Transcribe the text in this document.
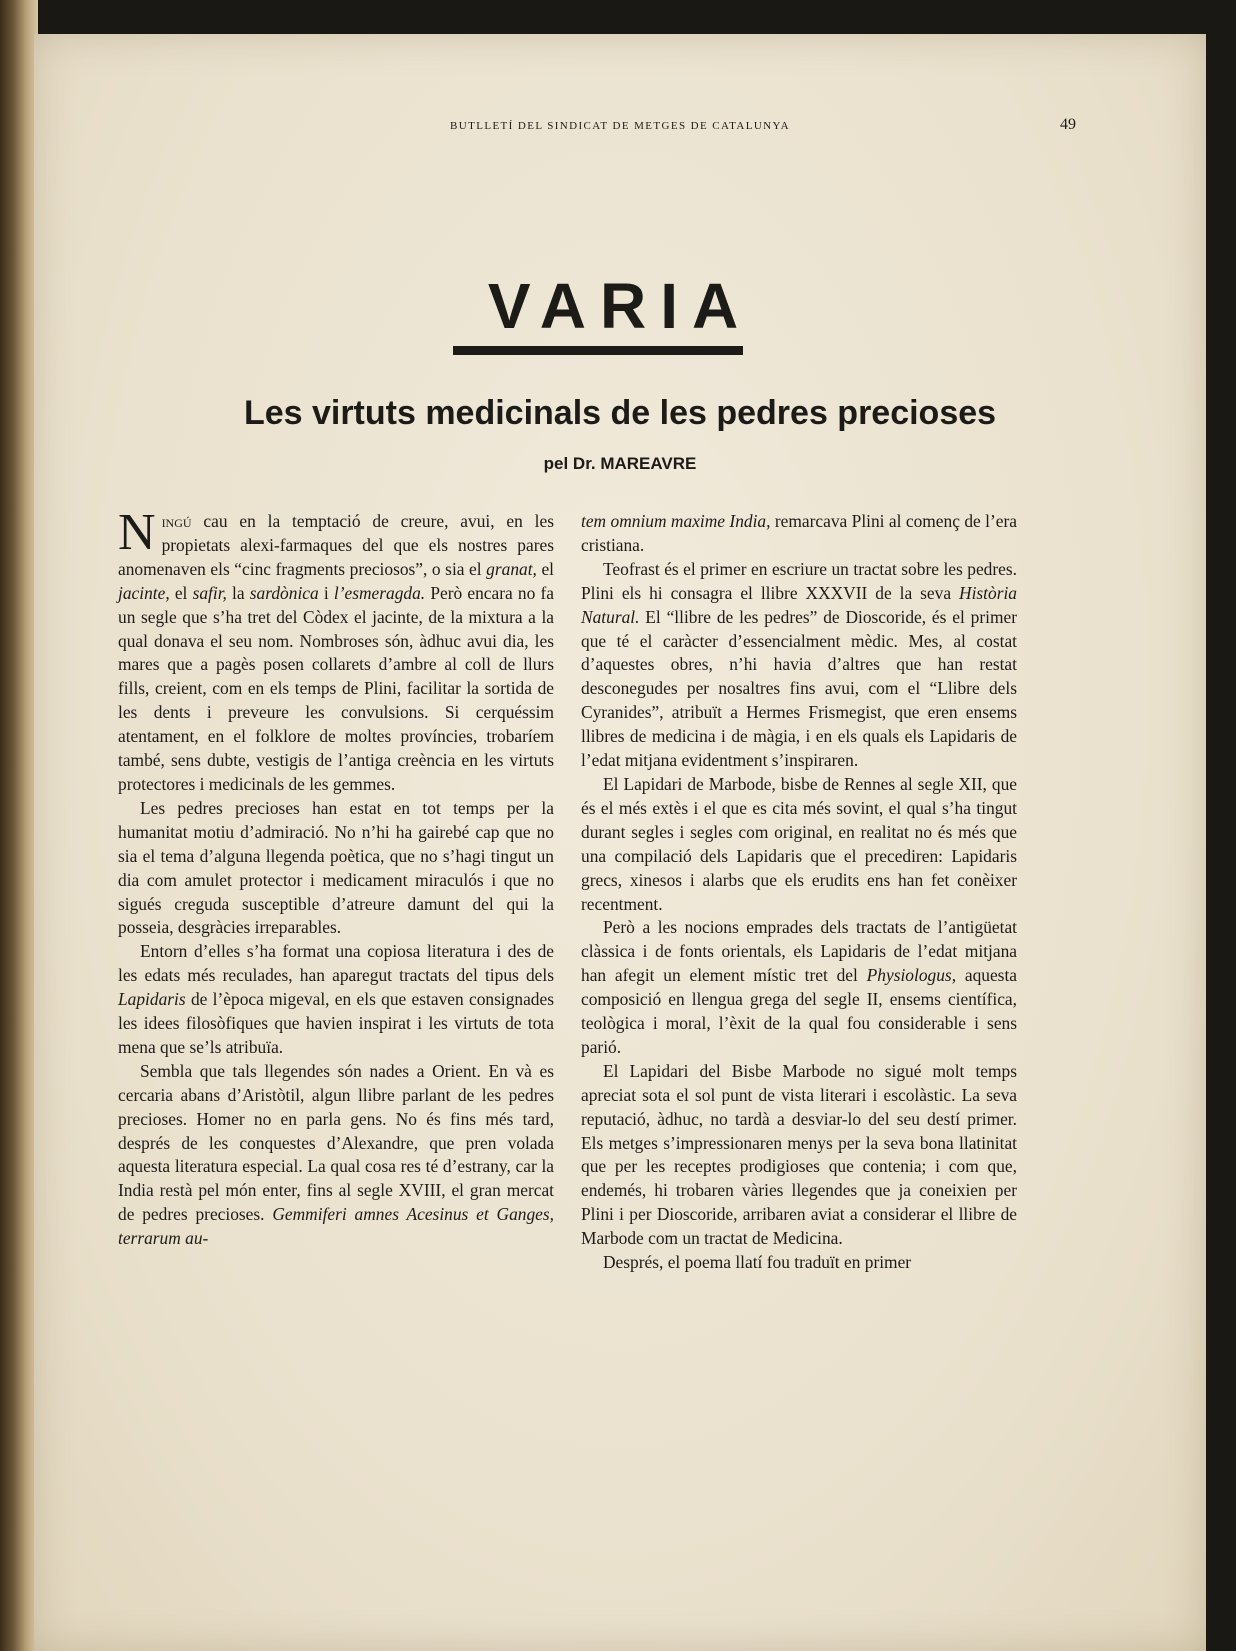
BUTLLETÍ DEL SINDICAT DE METGES DE CATALUNYA	49
VARIA
Les virtuts medicinals de les pedres precioses
pel Dr. MAREAVRE

Ningú cau en la temptació de creure, avui, en les propietats alexi-farmaques del que els nostres pares anomenaven els “cinc fragments preciosos”, o sia el granat, el jacinte, el safir, la sardònica i l’esmeragda. Però encara no fa un segle que s’ha tret del Còdex el jacinte, de la mixtura a la qual donava el seu nom. Nombroses són, àdhuc avui dia, les mares que a pagès posen collarets d’ambre al coll de llurs fills, creient, com en els temps de Plini, facilitar la sortida de les dents i preveure les convulsions. Si cerquéssim atentament, en el folklore de moltes províncies, trobaríem també, sens dubte, vestigis de l’antiga creència en les virtuts protectores i medicinals de les gemmes.

Les pedres precioses han estat en tot temps per la humanitat motiu d’admiració. No n’hi ha gairebé cap que no sia el tema d’alguna llegenda poètica, que no s’hagi tingut un dia com amulet protector i medicament miraculós i que no sigués creguda susceptible d’atreure damunt del qui la posseia, desgràcies irreparables.

Entorn d’elles s’ha format una copiosa literatura i des de les edats més reculades, han aparegut tractats del tipus dels Lapidaris de l’època migeval, en els que estaven consignades les idees filosòfiques que havien inspirat i les virtuts de tota mena que se’ls atribuïa.

Sembla que tals llegendes són nades a Orient. En và es cercaria abans d’Aristòtil, algun llibre parlant de les pedres precioses. Homer no en parla gens. No és fins més tard, després de les conquestes d’Alexandre, que pren volada aquesta literatura especial. La qual cosa res té d’estrany, car la India restà pel món enter, fins al segle XVIII, el gran mercat de pedres precioses. Gemmiferi amnes Acesinus et Ganges, terrarum au-

tem omnium maxime India, remarcava Plini al començ de l’era cristiana.

Teofrast és el primer en escriure un tractat sobre les pedres. Plini els hi consagra el llibre XXXVII de la seva Història Natural. El “llibre de les pedres” de Dioscoride, és el primer que té el caràcter d’essencialment mèdic. Mes, al costat d’aquestes obres, n’hi havia d’altres que han restat desconegudes per nosaltres fins avui, com el “Llibre dels Cyranides”, atribuït a Hermes Frismegist, que eren ensems llibres de medicina i de màgia, i en els quals els Lapidaris de l’edat mitjana evidentment s’inspiraren.

El Lapidari de Marbode, bisbe de Rennes al segle XII, que és el més extès i el que es cita més sovint, el qual s’ha tingut durant segles i segles com original, en realitat no és més que una compilació dels Lapidaris que el precediren: Lapidaris grecs, xinesos i alarbs que els erudits ens han fet conèixer recentment.

Però a les nocions emprades dels tractats de l’antigüetat clàssica i de fonts orientals, els Lapidaris de l’edat mitjana han afegit un element místic tret del Physiologus, aquesta composició en llengua grega del segle II, ensems científica, teològica i moral, l’èxit de la qual fou considerable i sens parió.

El Lapidari del Bisbe Marbode no sigué molt temps apreciat sota el sol punt de vista literari i escolàstic. La seva reputació, àdhuc, no tardà a desviar-lo del seu destí primer. Els metges s’impressionaren menys per la seva bona llatinitat que per les receptes prodigioses que contenia; i com que, endemés, hi trobaren vàries llegendes que ja coneixien per Plini i per Dioscoride, arribaren aviat a considerar el llibre de Marbode com un tractat de Medicina.

Després, el poema llatí fou traduït en primer
